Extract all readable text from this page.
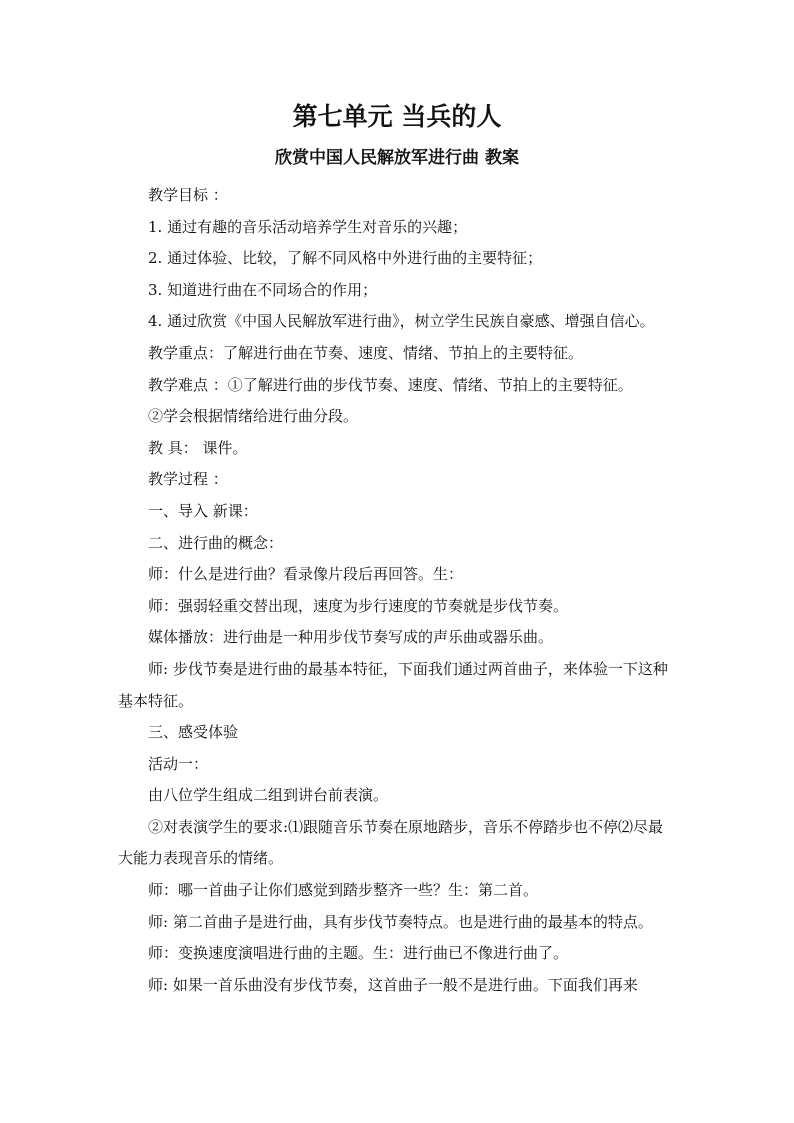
第七单元 当兵的人
欣赏中国人民解放军进行曲 教案

教学目标 ：

1. 通过有趣的音乐活动培养学生对音乐的兴趣；

2. 通过体验、比较，了解不同风格中外进行曲的主要特征；

3. 知道进行曲在不同场合的作用；

4. 通过欣赏《中国人民解放军进行曲》，树立学生民族自豪感、增强自信心。

教学重点：了解进行曲在节奏、速度、情绪、节拍上的主要特征。

教学难点 ：①了解进行曲的步伐节奏、速度、情绪、节拍上的主要特征。

②学会根据情绪给进行曲分段。

教 具： 课件。

教学过程 ：

一、导入 新课：

二、进行曲的概念：

师：什么是进行曲？看录像片段后再回答。生：

师：强弱轻重交替出现，速度为步行速度的节奏就是步伐节奏。

媒体播放：进行曲是一种用步伐节奏写成的声乐曲或器乐曲。

师: 步伐节奏是进行曲的最基本特征，下面我们通过两首曲子，来体验一下这种基本特征。

三、感受体验

活动一：

由八位学生组成二组到讲台前表演。

②对表演学生的要求:⑴跟随音乐节奏在原地踏步，音乐不停踏步也不停⑵尽最大能力表现音乐的情绪。

师：哪一首曲子让你们感觉到踏步整齐一些？生：第二首。

师: 第二首曲子是进行曲，具有步伐节奏特点。也是进行曲的最基本的特点。

师：变换速度演唱进行曲的主题。生：进行曲已不像进行曲了。

师: 如果一首乐曲没有步伐节奏，这首曲子一般不是进行曲。下面我们再来
